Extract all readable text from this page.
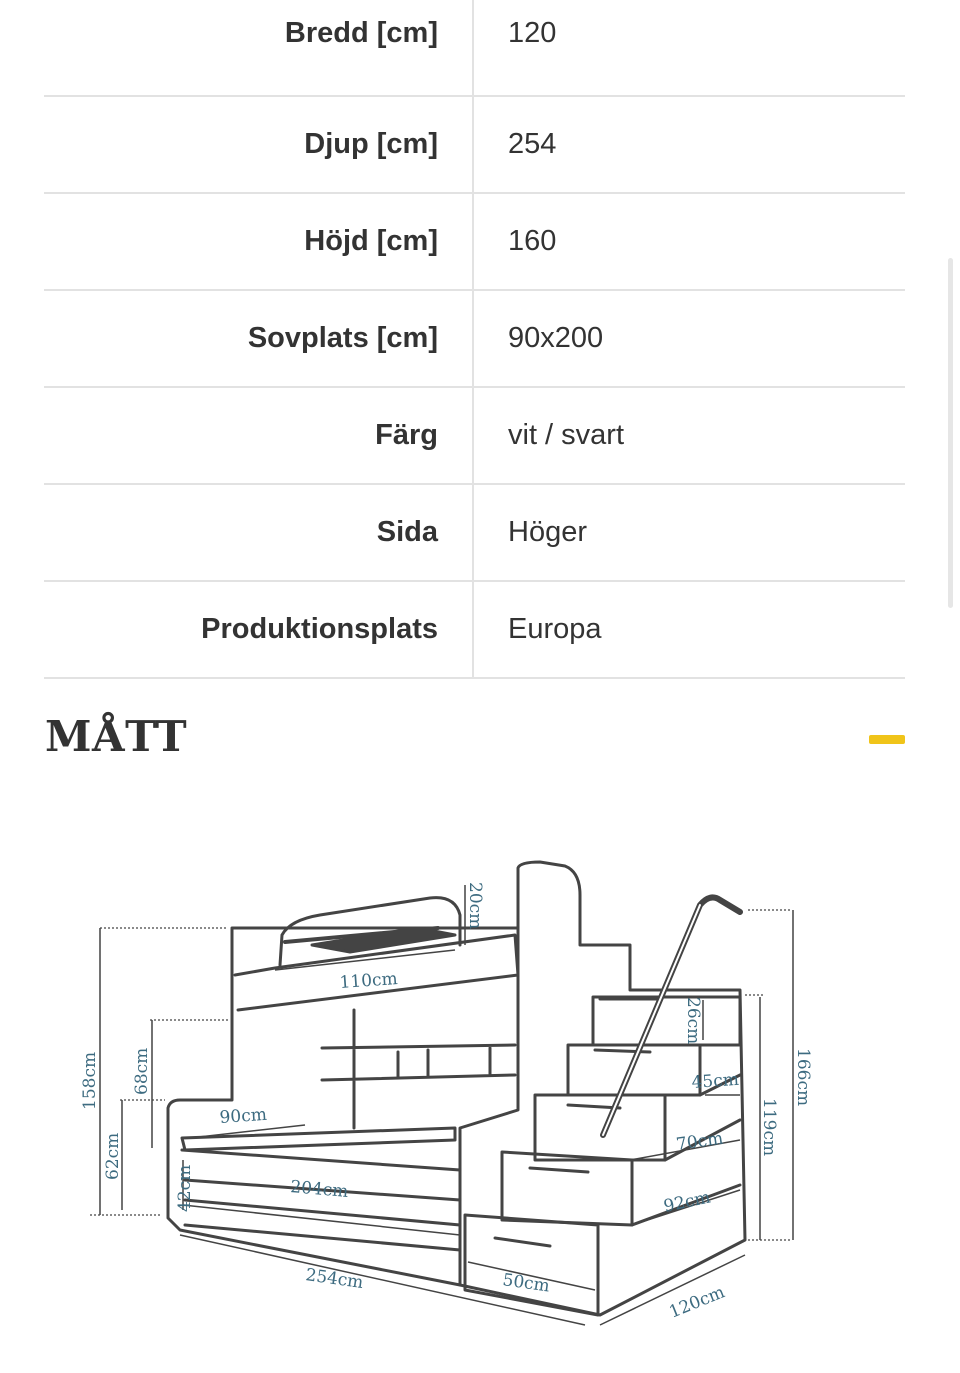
Bredd [cm] 120
Djup [cm] 254
Höjd [cm] 160
Sovplats [cm] 90x200
Färg vit / svart
Sida Höger
Produktionsplats Europa
MÅTT
20cm
110cm
158cm 68cm
62cm
90cm
42cm	204cm
254cm	50cm	120cm
26cm
45cm
70cm
92cm
119cm
166cm
